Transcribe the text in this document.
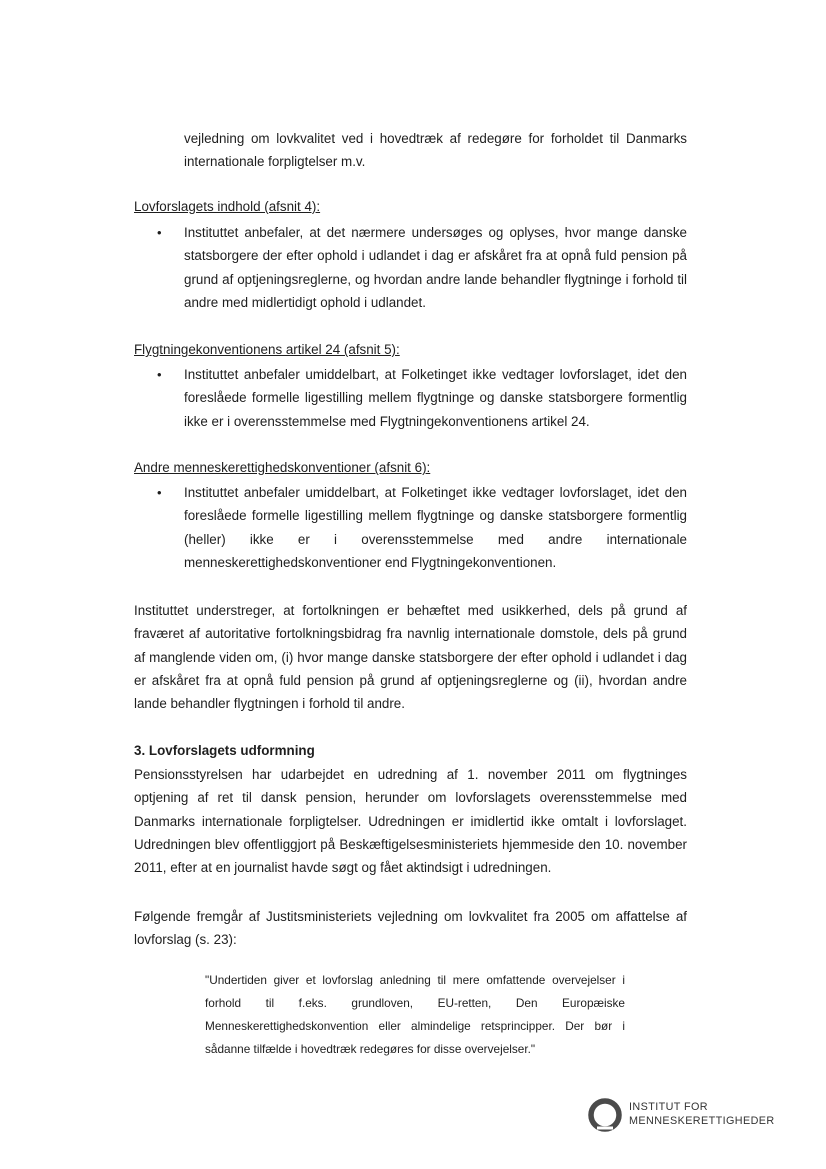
vejledning om lovkvalitet ved i hovedtræk af redegøre for forholdet til Danmarks internationale forpligtelser m.v.

Lovforslagets indhold (afsnit 4):

• Instituttet anbefaler, at det nærmere undersøges og oplyses, hvor mange danske statsborgere der efter ophold i udlandet i dag er afskåret fra at opnå fuld pension på grund af optjeningsreglerne, og hvordan andre lande behandler flygtninge i forhold til andre med midlertidigt ophold i udlandet.

Flygtningekonventionens artikel 24 (afsnit 5):

• Instituttet anbefaler umiddelbart, at Folketinget ikke vedtager lovforslaget, idet den foreslåede formelle ligestilling mellem flygtninge og danske statsborgere formentlig ikke er i overensstemmelse med Flygtningekonventionens artikel 24.

Andre menneskerettighedskonventioner (afsnit 6):

• Instituttet anbefaler umiddelbart, at Folketinget ikke vedtager lovforslaget, idet den foreslåede formelle ligestilling mellem flygtninge og danske statsborgere formentlig (heller) ikke er i overensstemmelse med andre internationale menneskerettighedskonventioner end Flygtningekonventionen.

Instituttet understreger, at fortolkningen er behæftet med usikkerhed, dels på grund af fraværet af autoritative fortolkningsbidrag fra navnlig internationale domstole, dels på grund af manglende viden om, (i) hvor mange danske statsborgere der efter ophold i udlandet i dag er afskåret fra at opnå fuld pension på grund af optjeningsreglerne og (ii), hvordan andre lande behandler flygtningen i forhold til andre.

3. Lovforslagets udformning

Pensionsstyrelsen har udarbejdet en udredning af 1. november 2011 om flygtninges optjening af ret til dansk pension, herunder om lovforslagets overensstemmelse med Danmarks internationale forpligtelser. Udredningen er imidlertid ikke omtalt i lovforslaget. Udredningen blev offentliggjort på Beskæftigelsesministeriets hjemmeside den 10. november 2011, efter at en journalist havde søgt og fået aktindsigt i udredningen.

Følgende fremgår af Justitsministeriets vejledning om lovkvalitet fra 2005 om affattelse af lovforslag (s. 23):

"Undertiden giver et lovforslag anledning til mere omfattende overvejelser i forhold til f.eks. grundloven, EU-retten, Den Europæiske Menneskerettighedskonvention eller almindelige retsprincipper. Der bør i sådanne tilfælde i hovedtræk redegøres for disse overvejelser."

INSTITUT FOR
MENNESKERETTIGHEDER
